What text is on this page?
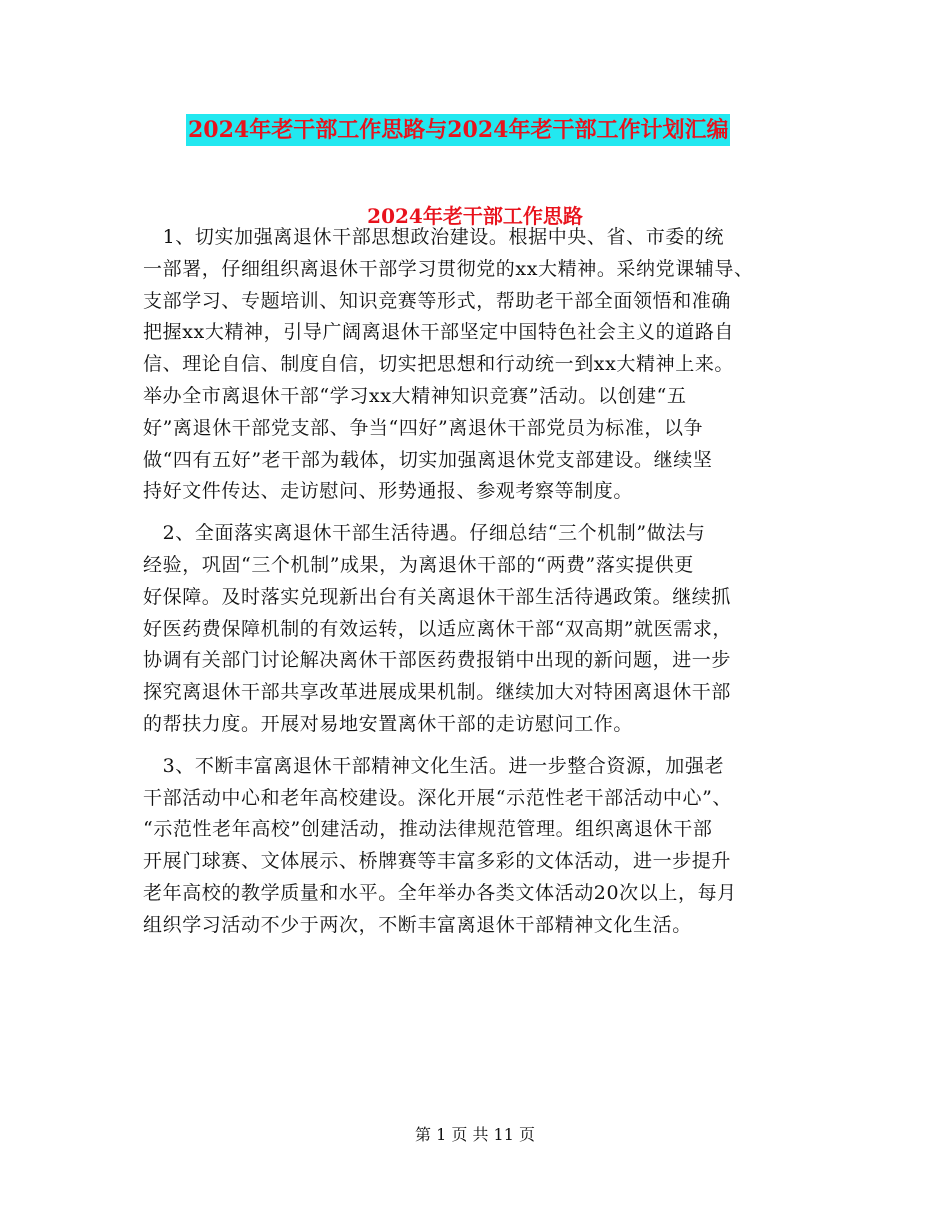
2024年老干部工作思路与2024年老干部工作计划汇编
2024年老干部工作思路
　1、切实加强离退休干部思想政治建设。根据中央、省、市委的统
一部署，仔细组织离退休干部学习贯彻党的xx大精神。采纳党课辅导、
支部学习、专题培训、知识竞赛等形式，帮助老干部全面领悟和准确
把握xx大精神，引导广阔离退休干部坚定中国特色社会主义的道路自
信、理论自信、制度自信，切实把思想和行动统一到xx大精神上来。
举办全市离退休干部“学习xx大精神知识竞赛”活动。以创建“五
好”离退休干部党支部、争当“四好”离退休干部党员为标准，以争
做“四有五好”老干部为载体，切实加强离退休党支部建设。继续坚
持好文件传达、走访慰问、形势通报、参观考察等制度。
　2、全面落实离退休干部生活待遇。仔细总结“三个机制”做法与
经验，巩固“三个机制”成果，为离退休干部的“两费”落实提供更
好保障。及时落实兑现新出台有关离退休干部生活待遇政策。继续抓
好医药费保障机制的有效运转，以适应离休干部“双高期”就医需求，
协调有关部门讨论解决离休干部医药费报销中出现的新问题，进一步
探究离退休干部共享改革进展成果机制。继续加大对特困离退休干部
的帮扶力度。开展对易地安置离休干部的走访慰问工作。
　3、不断丰富离退休干部精神文化生活。进一步整合资源，加强老
干部活动中心和老年高校建设。深化开展“示范性老干部活动中心”、
“示范性老年高校”创建活动，推动法律规范管理。组织离退休干部
开展门球赛、文体展示、桥牌赛等丰富多彩的文体活动，进一步提升
老年高校的教学质量和水平。全年举办各类文体活动20次以上，每月
组织学习活动不少于两次，不断丰富离退休干部精神文化生活。
第 1 页 共 11 页
